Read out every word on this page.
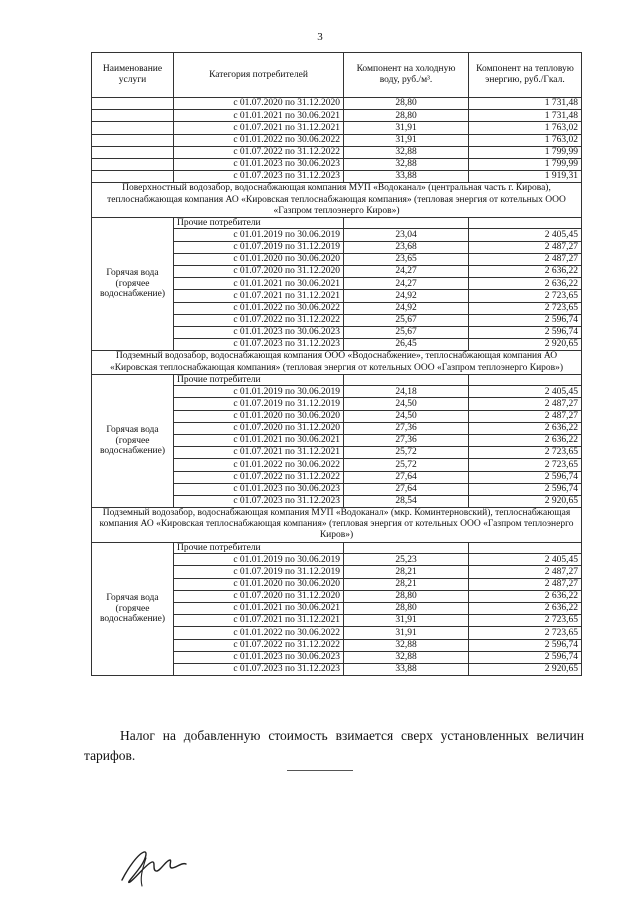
3
Наименование услуги	Категория потребителей	Компонент на холодную воду, руб./м³.	Компонент на тепловую энергию, руб./Гкал.
	с 01.07.2020 по 31.12.2020	28,80	1 731,48
	с 01.01.2021 по 30.06.2021	28,80	1 731,48
	с 01.07.2021 по 31.12.2021	31,91	1 763,02
	с 01.01.2022 по 30.06.2022	31,91	1 763,02
	с 01.07.2022 по 31.12.2022	32,88	1 799,99
	с 01.01.2023 по 30.06.2023	32,88	1 799,99
	с 01.07.2023 по 31.12.2023	33,88	1 919,31
Поверхностный водозабор, водоснабжающая компания МУП «Водоканал» (центральная часть г. Кирова), теплоснабжающая компания АО «Кировская теплоснабжающая компания» (тепловая энергия от котельных ООО «Газпром теплоэнерго Киров»)			
Горячая вода (горячее водоснабжение)	Прочие потребители		
	с 01.01.2019 по 30.06.2019	23,04	2 405,45
	с 01.07.2019 по 31.12.2019	23,68	2 487,27
	с 01.01.2020 по 30.06.2020	23,65	2 487,27
	с 01.07.2020 по 31.12.2020	24,27	2 636,22
	с 01.01.2021 по 30.06.2021	24,27	2 636,22
	с 01.07.2021 по 31.12.2021	24,92	2 723,65
	с 01.01.2022 по 30.06.2022	24,92	2 723,65
	с 01.07.2022 по 31.12.2022	25,67	2 596,74
	с 01.01.2023 по 30.06.2023	25,67	2 596,74
	с 01.07.2023 по 31.12.2023	26,45	2 920,65
Подземный водозабор, водоснабжающая компания ООО «Водоснабжение», теплоснабжающая компания АО «Кировская теплоснабжающая компания» (тепловая энергия от котельных ООО «Газпром теплоэнерго Киров»)			
Горячая вода (горячее водоснабжение)	Прочие потребители		
	с 01.01.2019 по 30.06.2019	24,18	2 405,45
	с 01.07.2019 по 31.12.2019	24,50	2 487,27
	с 01.01.2020 по 30.06.2020	24,50	2 487,27
	с 01.07.2020 по 31.12.2020	27,36	2 636,22
	с 01.01.2021 по 30.06.2021	27,36	2 636,22
	с 01.07.2021 по 31.12.2021	25,72	2 723,65
	с 01.01.2022 по 30.06.2022	25,72	2 723,65
	с 01.07.2022 по 31.12.2022	27,64	2 596,74
	с 01.01.2023 по 30.06.2023	27,64	2 596,74
	с 01.07.2023 по 31.12.2023	28,54	2 920,65
Подземный водозабор, водоснабжающая компания МУП «Водоканал» (мкр. Коминтерновский), теплоснабжающая компания АО «Кировская теплоснабжающая компания» (тепловая энергия от котельных ООО «Газпром теплоэнерго Киров»)			
Горячая вода (горячее водоснабжение)	Прочие потребители		
	с 01.01.2019 по 30.06.2019	25,23	2 405,45
	с 01.07.2019 по 31.12.2019	28,21	2 487,27
	с 01.01.2020 по 30.06.2020	28,21	2 487,27
	с 01.07.2020 по 31.12.2020	28,80	2 636,22
	с 01.01.2021 по 30.06.2021	28,80	2 636,22
	с 01.07.2021 по 31.12.2021	31,91	2 723,65
	с 01.01.2022 по 30.06.2022	31,91	2 723,65
	с 01.07.2022 по 31.12.2022	32,88	2 596,74
	с 01.01.2023 по 30.06.2023	32,88	2 596,74
	с 01.07.2023 по 31.12.2023	33,88	2 920,65
Налог на добавленную стоимость взимается сверх установленных величин тарифов.
